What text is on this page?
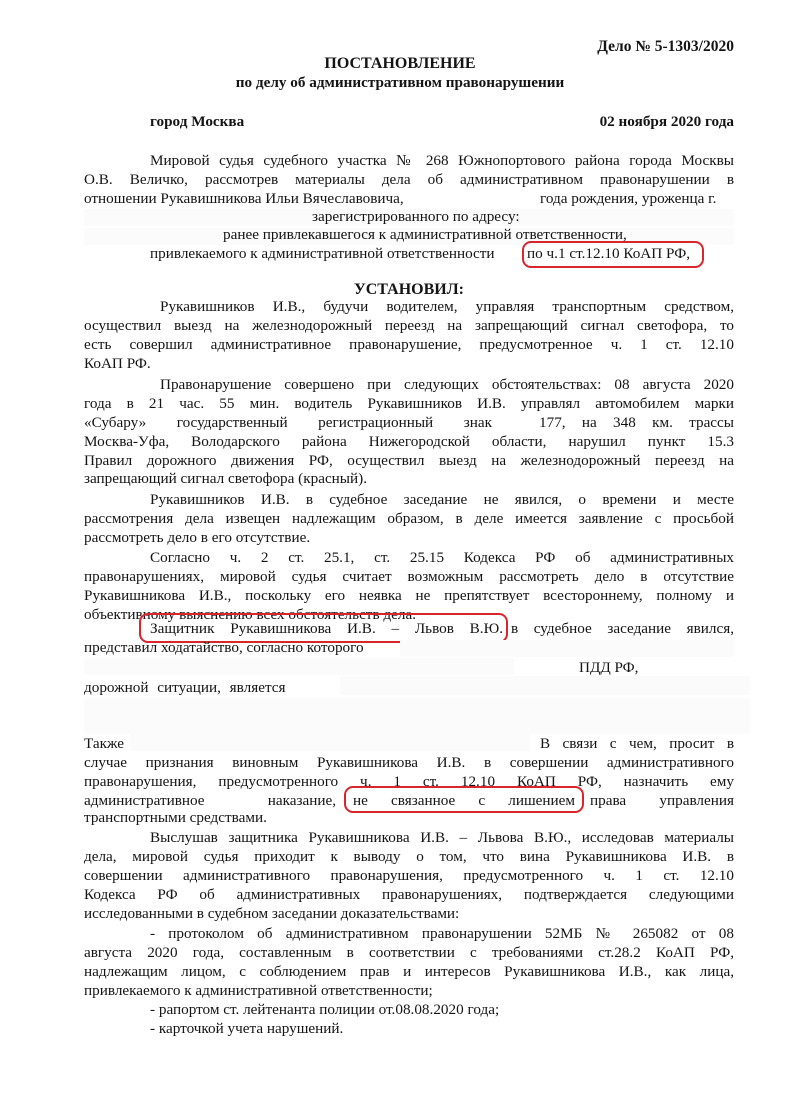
Дело № 5-1303/2020
ПОСТАНОВЛЕНИЕ
по делу об административном правонарушении
город Москва	02 ноября 2020 года
Мировой судья судебного участка № 268 Южнопортового района города Москвы
О.В. Величко, рассмотрев материалы дела об административном правонарушении в
отношении Рукавишникова Ильи Вячеславовича,	года рождения, уроженца г.
зарегистрированного по адресу:
ранее привлекавшегося к административной ответственности,
привлекаемого к административной ответственности по ч.1 ст.12.10 КоАП РФ,
УСТАНОВИЛ:
Рукавишников И.В., будучи водителем, управляя транспортным средством,
осуществил выезд на железнодорожный переезд на запрещающий сигнал светофора, то
есть совершил административное правонарушение, предусмотренное ч. 1 ст. 12.10
КоАП РФ.
Правонарушение совершено при следующих обстоятельствах: 08 августа 2020
года в 21 час. 55 мин. водитель Рукавишников И.В. управлял автомобилем марки
«Субару» государственный регистрационный знак	177, на 348 км. трассы
Москва-Уфа, Володарского района Нижегородской области, нарушил пункт 15.3
Правил дорожного движения РФ, осуществил выезд на железнодорожный переезд на
запрещающий сигнал светофора (красный).
Рукавишников И.В. в судебное заседание не явился, о времени и месте
рассмотрения дела извещен надлежащим образом, в деле имеется заявление с просьбой
рассмотреть дело в его отсутствие.
Согласно ч. 2 ст. 25.1, ст. 25.15 Кодекса РФ об административных
правонарушениях, мировой судья считает возможным рассмотреть дело в отсутствие
Рукавишникова И.В., поскольку его неявка не препятствует всестороннему, полному и
объективному выяснению всех обстоятельств дела.
Защитник Рукавишникова И.В. – Львов В.Ю. в судебное заседание явился,
представил ходатайство, согласно которого
ПДД РФ,
дорожной ситуации, является
Также	В связи с чем, просит в
случае признания виновным Рукавишникова И.В. в совершении административного
правонарушения, предусмотренного ч. 1 ст. 12.10 КоАП РФ, назначить ему
административное наказание, не связанное с лишением права управления
транспортными средствами.
Выслушав защитника Рукавишникова И.В. – Львова В.Ю., исследовав материалы
дела, мировой судья приходит к выводу о том, что вина Рукавишникова И.В. в
совершении административного правонарушения, предусмотренного ч. 1 ст. 12.10
Кодекса РФ об административных правонарушениях, подтверждается следующими
исследованными в судебном заседании доказательствами:
- протоколом об административном правонарушении 52МБ № 265082 от 08
августа 2020 года, составленным в соответствии с требованиями ст.28.2 КоАП РФ,
надлежащим лицом, с соблюдением прав и интересов Рукавишникова И.В., как лица,
привлекаемого к административной ответственности;
- рапортом ст. лейтенанта полиции от.08.08.2020 года;
- карточкой учета нарушений.
